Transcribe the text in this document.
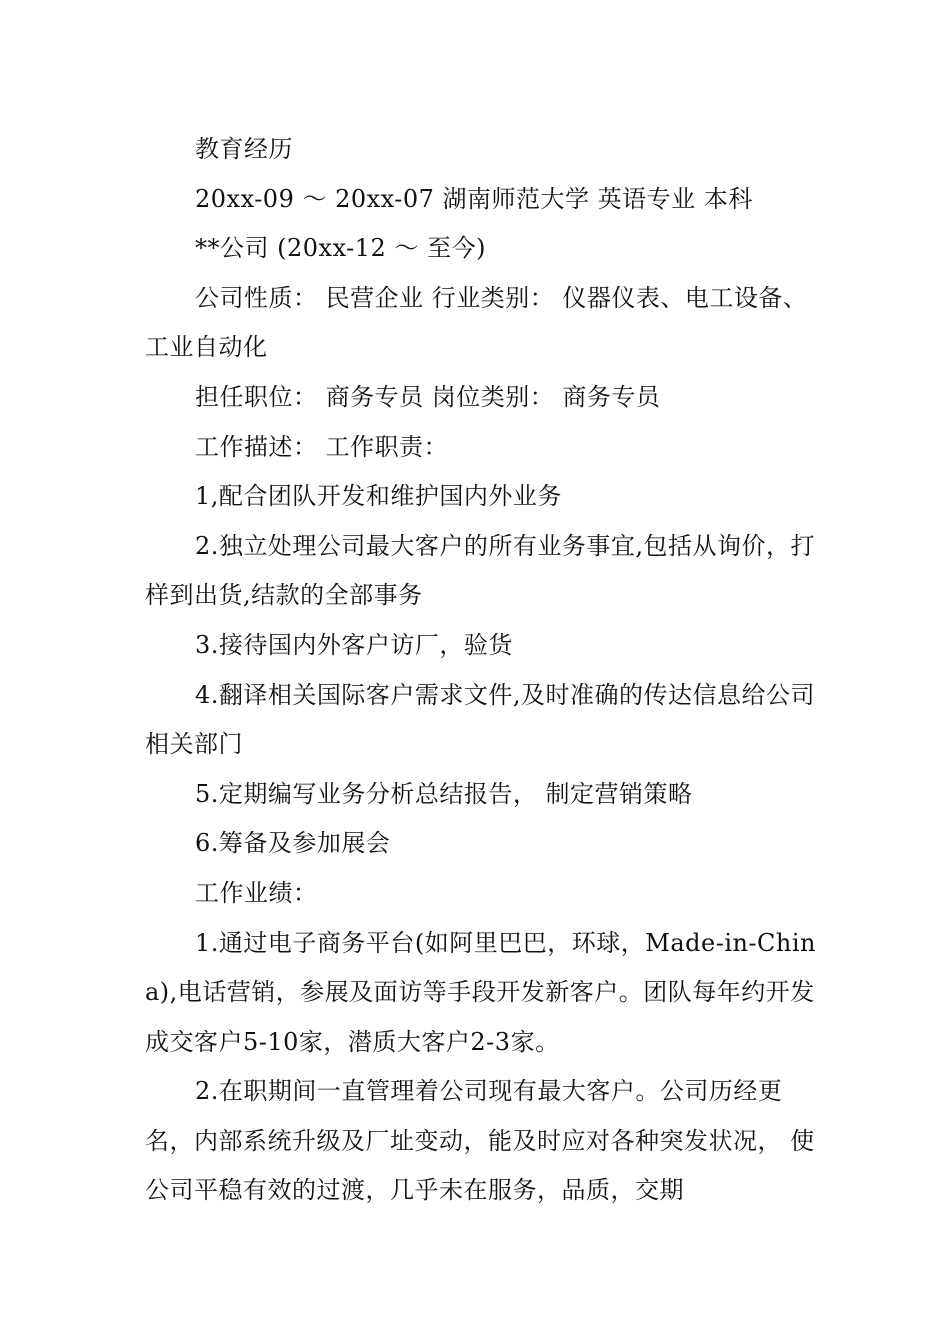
教育经历

20xx-09 ～ 20xx-07 湖南师范大学 英语专业 本科

**公司 (20xx-12 ～ 至今)

公司性质： 民营企业 行业类别： 仪器仪表、电工设备、工业自动化

担任职位： 商务专员 岗位类别： 商务专员

工作描述： 工作职责：

1,配合团队开发和维护国内外业务

2.独立处理公司最大客户的所有业务事宜,包括从询价，打样到出货,结款的全部事务

3.接待国内外客户访厂，验货

4.翻译相关国际客户需求文件,及时准确的传达信息给公司相关部门

5.定期编写业务分析总结报告， 制定营销策略

6.筹备及参加展会

工作业绩：

1.通过电子商务平台(如阿里巴巴，环球，Made-in-China),电话营销，参展及面访等手段开发新客户。团队每年约开发成交客户5-10家，潜质大客户2-3家。

2.在职期间一直管理着公司现有最大客户。公司历经更名，内部系统升级及厂址变动，能及时应对各种突发状况， 使公司平稳有效的过渡，几乎未在服务，品质，交期
